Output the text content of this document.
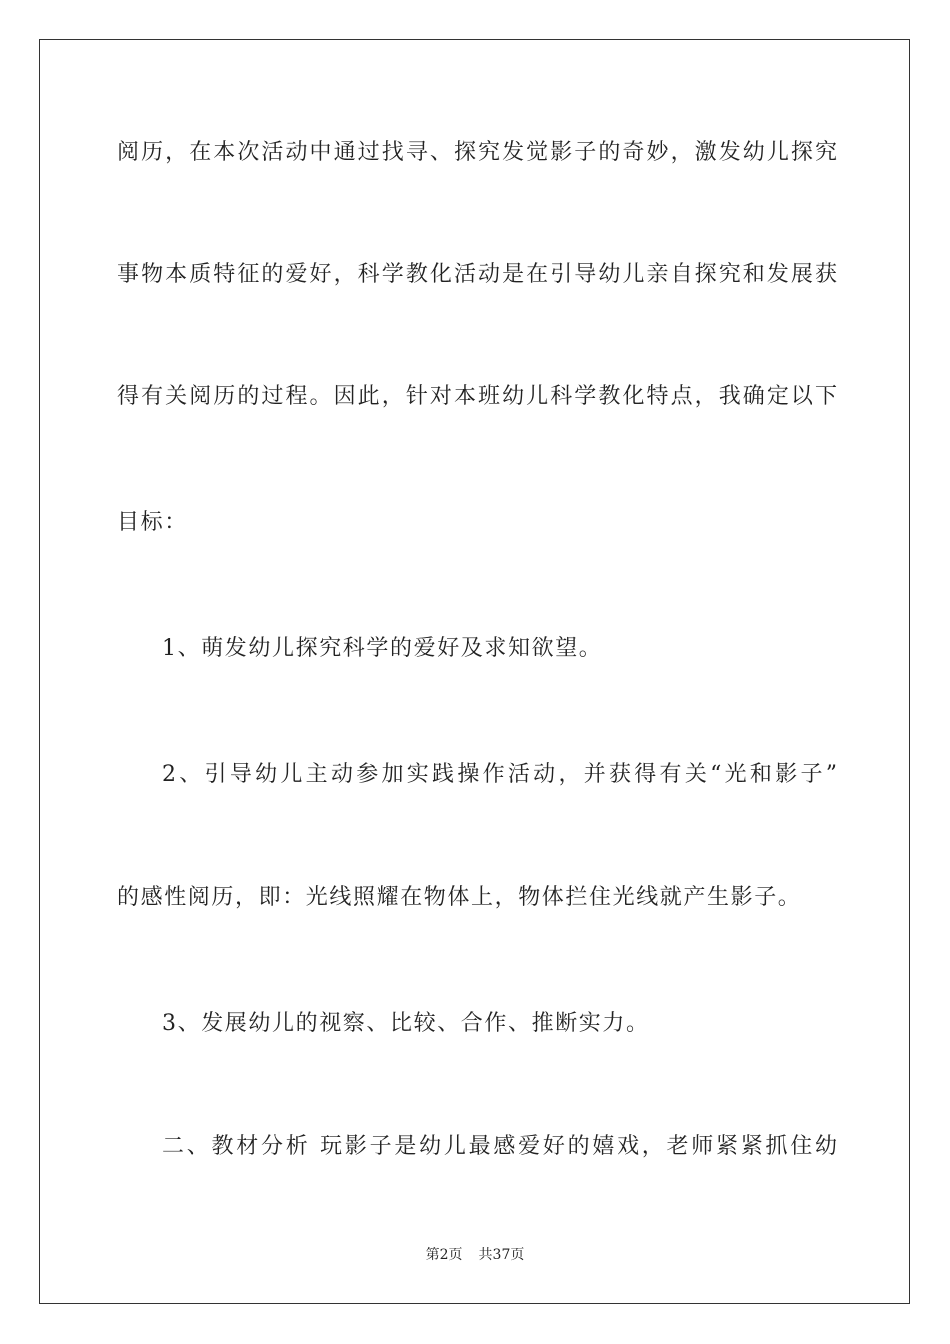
阅历，在本次活动中通过找寻、探究发觉影子的奇妙，激发幼儿探究
事物本质特征的爱好，科学教化活动是在引导幼儿亲自探究和发展获
得有关阅历的过程。因此，针对本班幼儿科学教化特点，我确定以下
目标：
1、萌发幼儿探究科学的爱好及求知欲望。
2、引导幼儿主动参加实践操作活动，并获得有关“光和影子”
的感性阅历，即：光线照耀在物体上，物体拦住光线就产生影子。
3、发展幼儿的视察、比较、合作、推断实力。
二、教材分析 玩影子是幼儿最感爱好的嬉戏，老师紧紧抓住幼
第2页 共37页
